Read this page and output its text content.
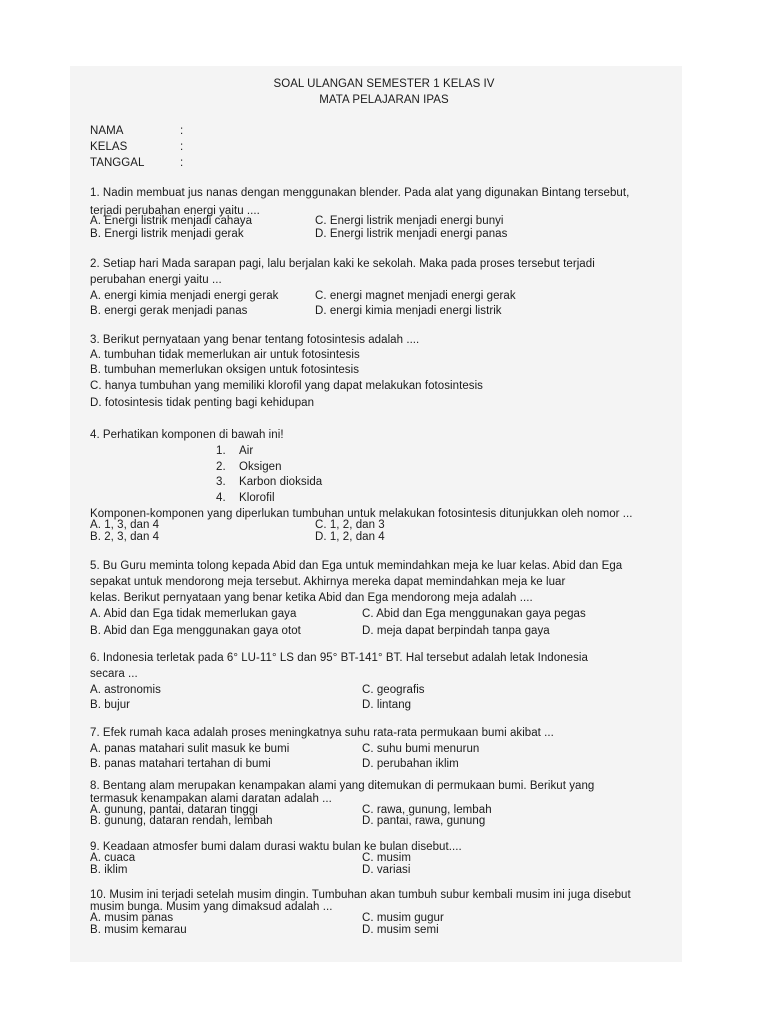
SOAL ULANGAN SEMESTER 1 KELAS IV
MATA PELAJARAN IPAS
NAMA	:
KELAS	:
TANGGAL	:
1. Nadin membuat jus nanas dengan menggunakan blender. Pada alat yang digunakan Bintang tersebut,
terjadi perubahan energi yaitu ....
A. Energi listrik menjadi cahaya	C. Energi listrik menjadi energi bunyi
B. Energi listrik menjadi gerak	D. Energi listrik menjadi energi panas
2. Setiap hari Mada sarapan pagi, lalu berjalan kaki ke sekolah. Maka pada proses tersebut terjadi
perubahan energi yaitu ...
A. energi kimia menjadi energi gerak	C. energi magnet menjadi energi gerak
B. energi gerak menjadi panas	D. energi kimia menjadi energi listrik
3. Berikut pernyataan yang benar tentang fotosintesis adalah ....
A. tumbuhan tidak memerlukan air untuk fotosintesis
B. tumbuhan memerlukan oksigen untuk fotosintesis
C. hanya tumbuhan yang memiliki klorofil yang dapat melakukan fotosintesis
D. fotosintesis tidak penting bagi kehidupan
4. Perhatikan komponen di bawah ini!
1. Air
2. Oksigen
3. Karbon dioksida
4. Klorofil
Komponen-komponen yang diperlukan tumbuhan untuk melakukan fotosintesis ditunjukkan oleh nomor ...
A. 1, 3, dan 4	C. 1, 2, dan 3
B. 2, 3, dan 4	D. 1, 2, dan 4
5. Bu Guru meminta tolong kepada Abid dan Ega untuk memindahkan meja ke luar kelas. Abid dan Ega
sepakat untuk mendorong meja tersebut. Akhirnya mereka dapat memindahkan meja ke luar
kelas. Berikut pernyataan yang benar ketika Abid dan Ega mendorong meja adalah ....
A. Abid dan Ega tidak memerlukan gaya	C. Abid dan Ega menggunakan gaya pegas
B. Abid dan Ega menggunakan gaya otot	D. meja dapat berpindah tanpa gaya
6. Indonesia terletak pada 6° LU-11° LS dan 95° BT-141° BT. Hal tersebut adalah letak Indonesia
secara ...
A. astronomis	C. geografis
B. bujur	D. lintang
7. Efek rumah kaca adalah proses meningkatnya suhu rata-rata permukaan bumi akibat ...
A. panas matahari sulit masuk ke bumi	C. suhu bumi menurun
B. panas matahari tertahan di bumi	D. perubahan iklim
8. Bentang alam merupakan kenampakan alami yang ditemukan di permukaan bumi. Berikut yang
termasuk kenampakan alami daratan adalah ...
A. gunung, pantai, dataran tinggi	C. rawa, gunung, lembah
B. gunung, dataran rendah, lembah	D. pantai, rawa, gunung
9. Keadaan atmosfer bumi dalam durasi waktu bulan ke bulan disebut....
A. cuaca	C. musim
B. iklim	D. variasi
10. Musim ini terjadi setelah musim dingin. Tumbuhan akan tumbuh subur kembali musim ini juga disebut
musim bunga. Musim yang dimaksud adalah ...
A. musim panas	C. musim gugur
B. musim kemarau	D. musim semi
